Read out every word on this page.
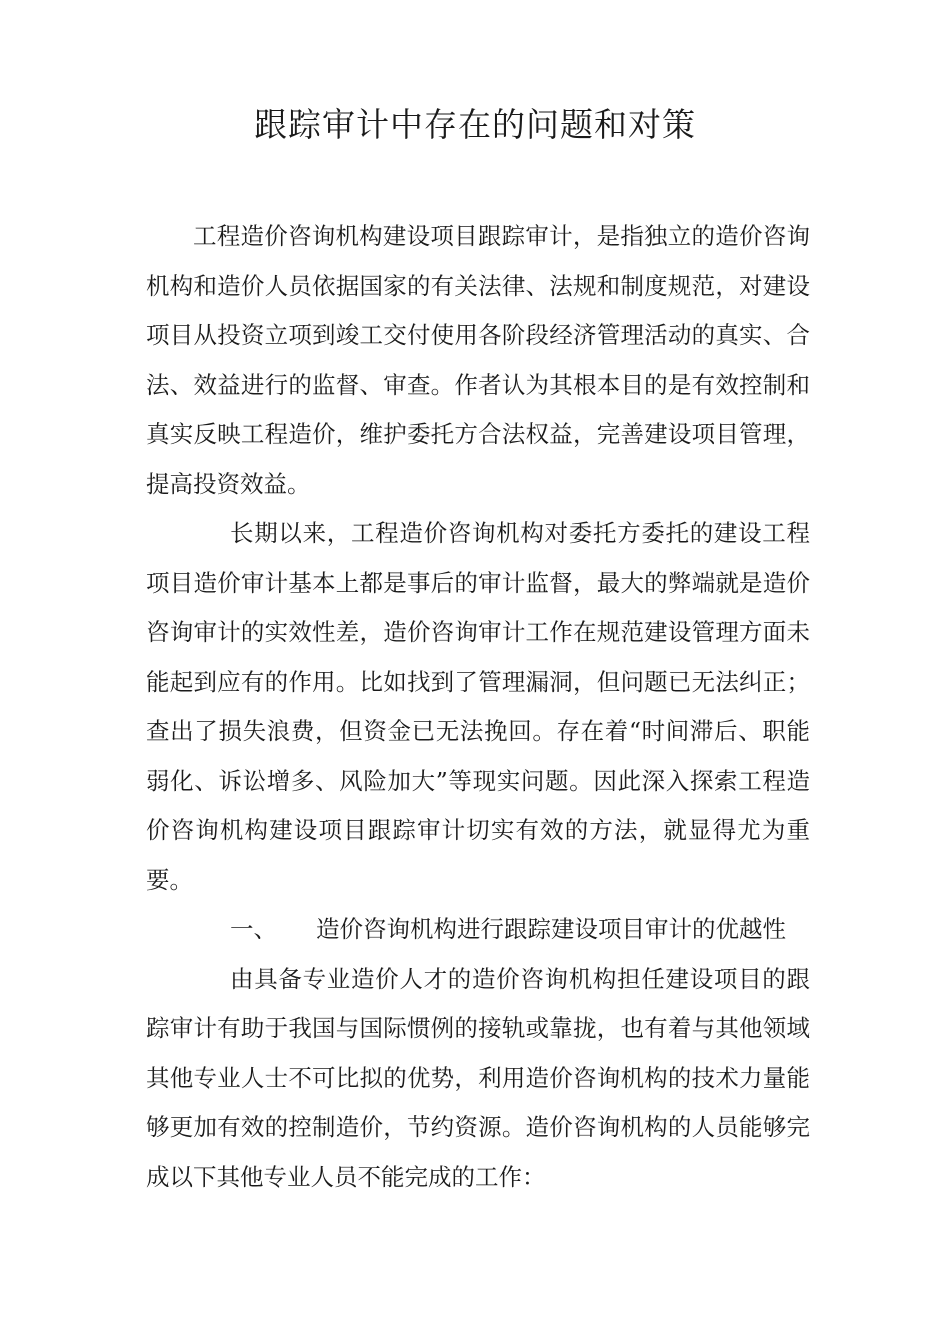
跟踪审计中存在的问题和对策

工程造价咨询机构建设项目跟踪审计，是指独立的造价咨询机构和造价人员依据国家的有关法律、法规和制度规范，对建设项目从投资立项到竣工交付使用各阶段经济管理活动的真实、合法、效益进行的监督、审查。作者认为其根本目的是有效控制和真实反映工程造价，维护委托方合法权益，完善建设项目管理，提高投资效益。

长期以来，工程造价咨询机构对委托方委托的建设工程项目造价审计基本上都是事后的审计监督，最大的弊端就是造价咨询审计的实效性差，造价咨询审计工作在规范建设管理方面未能起到应有的作用。比如找到了管理漏洞，但问题已无法纠正；查出了损失浪费，但资金已无法挽回。存在着“时间滞后、职能弱化、诉讼增多、风险加大”等现实问题。因此深入探索工程造价咨询机构建设项目跟踪审计切实有效的方法，就显得尤为重要。

一、 造价咨询机构进行跟踪建设项目审计的优越性

由具备专业造价人才的造价咨询机构担任建设项目的跟踪审计有助于我国与国际惯例的接轨或靠拢，也有着与其他领域其他专业人士不可比拟的优势，利用造价咨询机构的技术力量能够更加有效的控制造价，节约资源。造价咨询机构的人员能够完成以下其他专业人员不能完成的工作：
